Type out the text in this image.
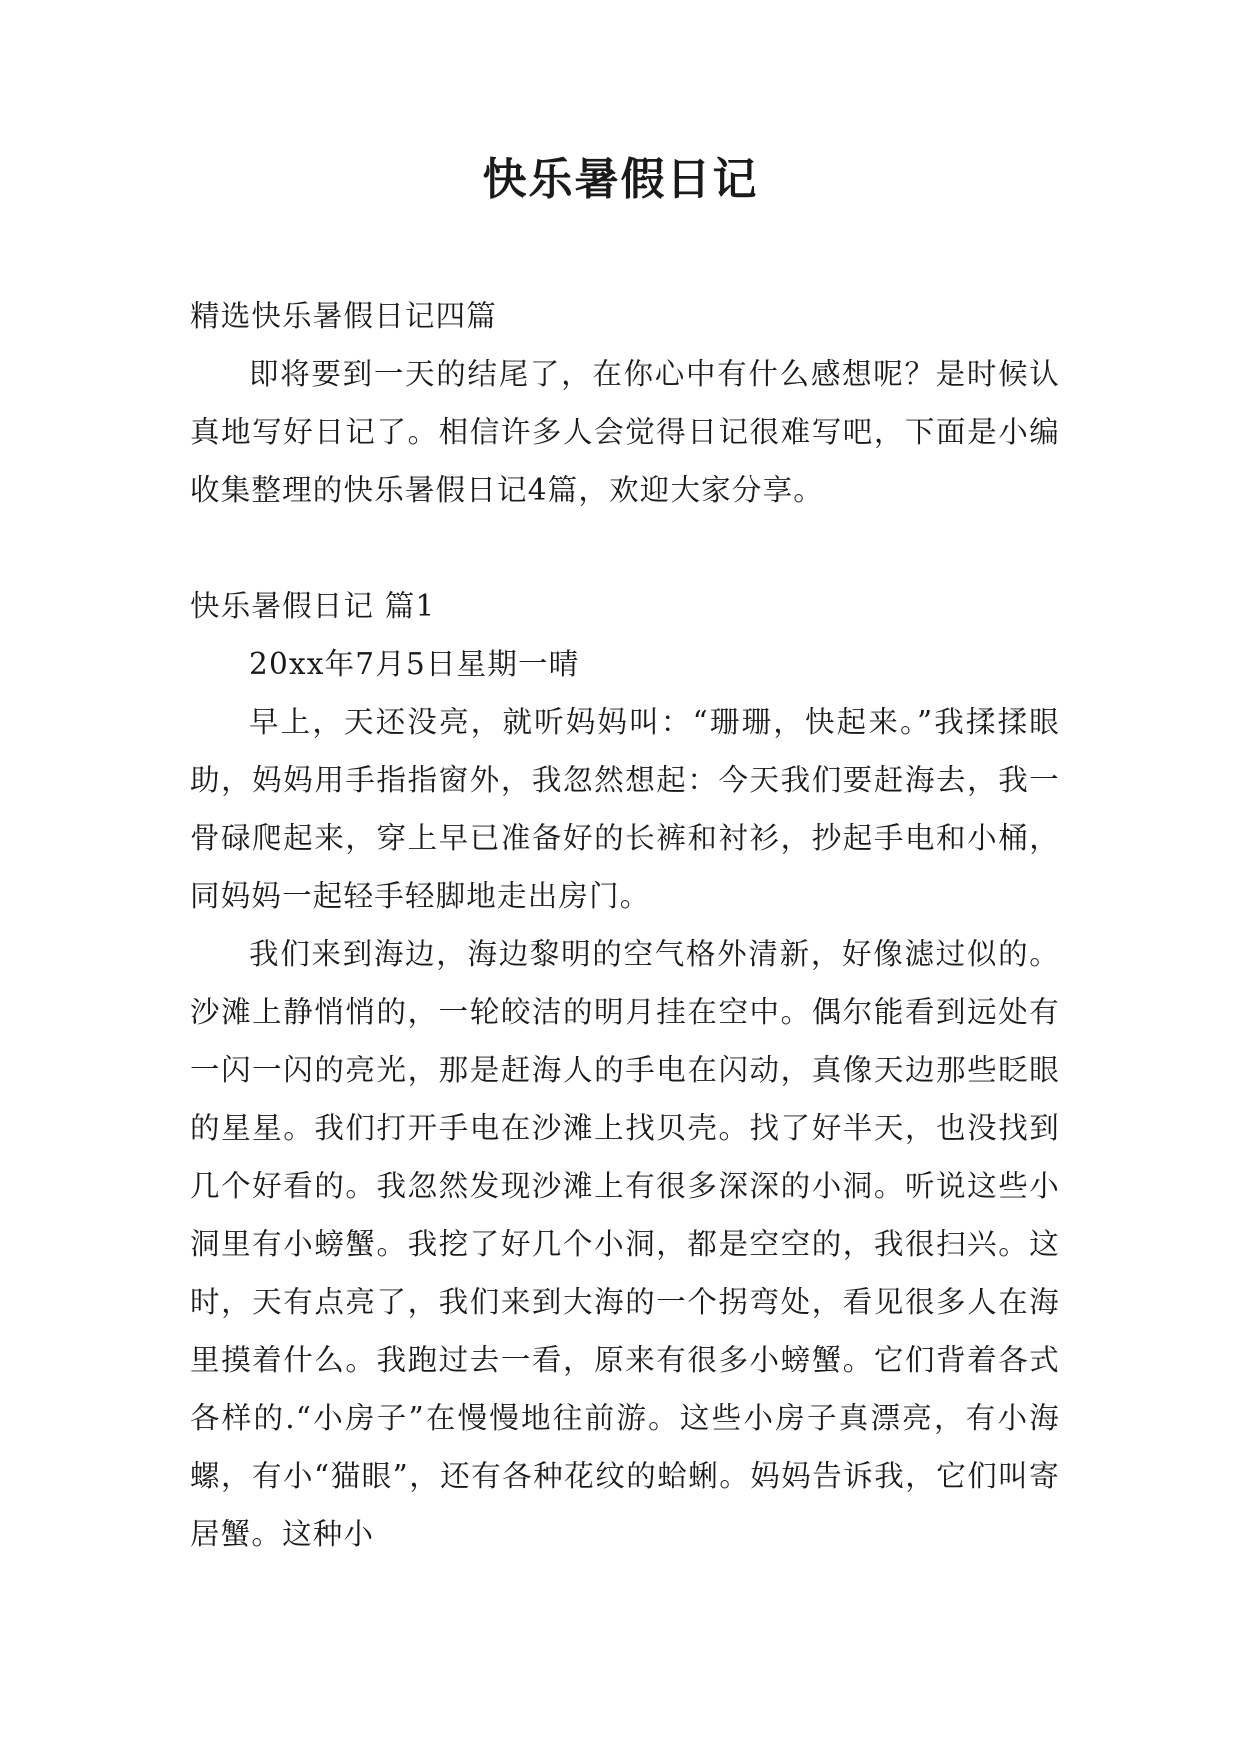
快乐暑假日记

精选快乐暑假日记四篇

即将要到一天的结尾了，在你心中有什么感想呢？是时候认真地写好日记了。相信许多人会觉得日记很难写吧，下面是小编收集整理的快乐暑假日记4篇，欢迎大家分享。

快乐暑假日记 篇1

20xx年7月5日星期一晴

早上，天还没亮，就听妈妈叫：“珊珊，快起来。”我揉揉眼助，妈妈用手指指窗外，我忽然想起：今天我们要赶海去，我一骨碌爬起来，穿上早已准备好的长裤和衬衫，抄起手电和小桶，同妈妈一起轻手轻脚地走出房门。

我们来到海边，海边黎明的空气格外清新，好像滤过似的。沙滩上静悄悄的，一轮皎洁的明月挂在空中。偶尔能看到远处有一闪一闪的亮光，那是赶海人的手电在闪动，真像天边那些眨眼的星星。我们打开手电在沙滩上找贝壳。找了好半天，也没找到几个好看的。我忽然发现沙滩上有很多深深的小洞。听说这些小洞里有小螃蟹。我挖了好几个小洞，都是空空的，我很扫兴。这时，天有点亮了，我们来到大海的一个拐弯处，看见很多人在海里摸着什么。我跑过去一看，原来有很多小螃蟹。它们背着各式各样的.“小房子”在慢慢地往前游。这些小房子真漂亮，有小海螺，有小“猫眼”，还有各种花纹的蛤蜊。妈妈告诉我，它们叫寄居蟹。这种小
